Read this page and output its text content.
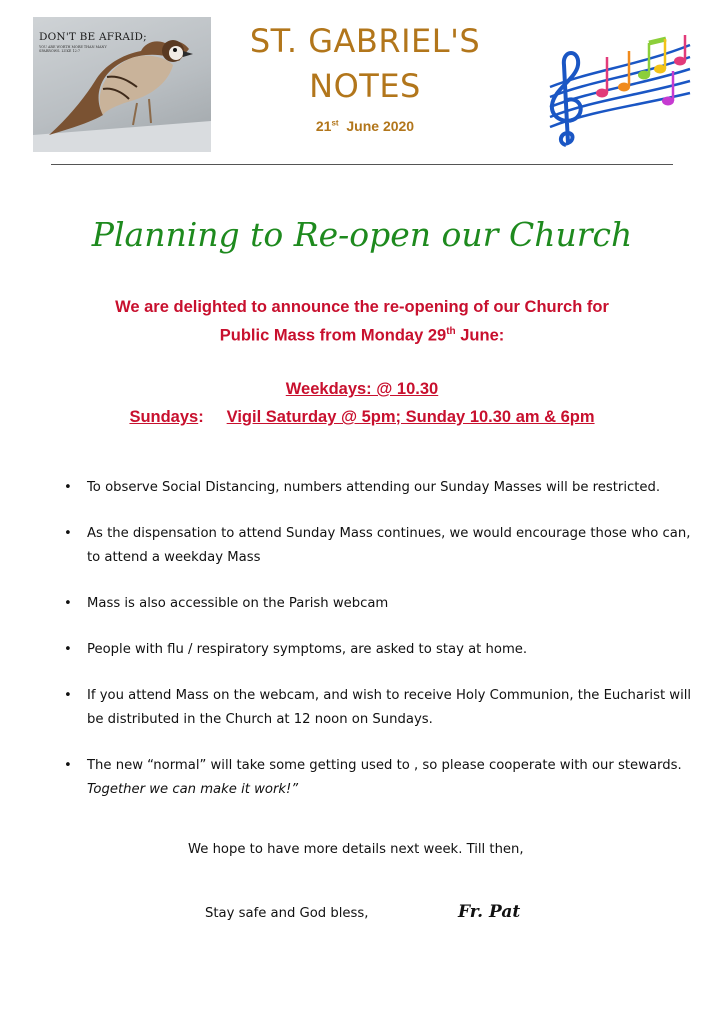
DON'T BE AFRAID;
YOU ARE WORTH MORE THAN MANY SPARROWS. LUKE 12:7	ST. GABRIEL'S
NOTES
21st June 2020
Planning to Re-open our Church
We are delighted to announce the re-opening of our Church for
Public Mass from Monday 29th June:
Weekdays: @ 10.30
Sundays: Vigil Saturday @ 5pm; Sunday 10.30 am & 6pm
• To observe Social Distancing, numbers attending our Sunday Masses will be restricted.
• As the dispensation to attend Sunday Mass continues, we would encourage those who can, to attend a weekday Mass
• Mass is also accessible on the Parish webcam
• People with flu / respiratory symptoms, are asked to stay at home.
• If you attend Mass on the webcam, and wish to receive Holy Communion, the Eucharist will be distributed in the Church at 12 noon on Sundays.
• The new “normal” will take some getting used to , so please cooperate with our stewards.  Together we can make it work!”
We hope to have more details next week. Till then,
Stay safe and God bless,	Fr. Pat
